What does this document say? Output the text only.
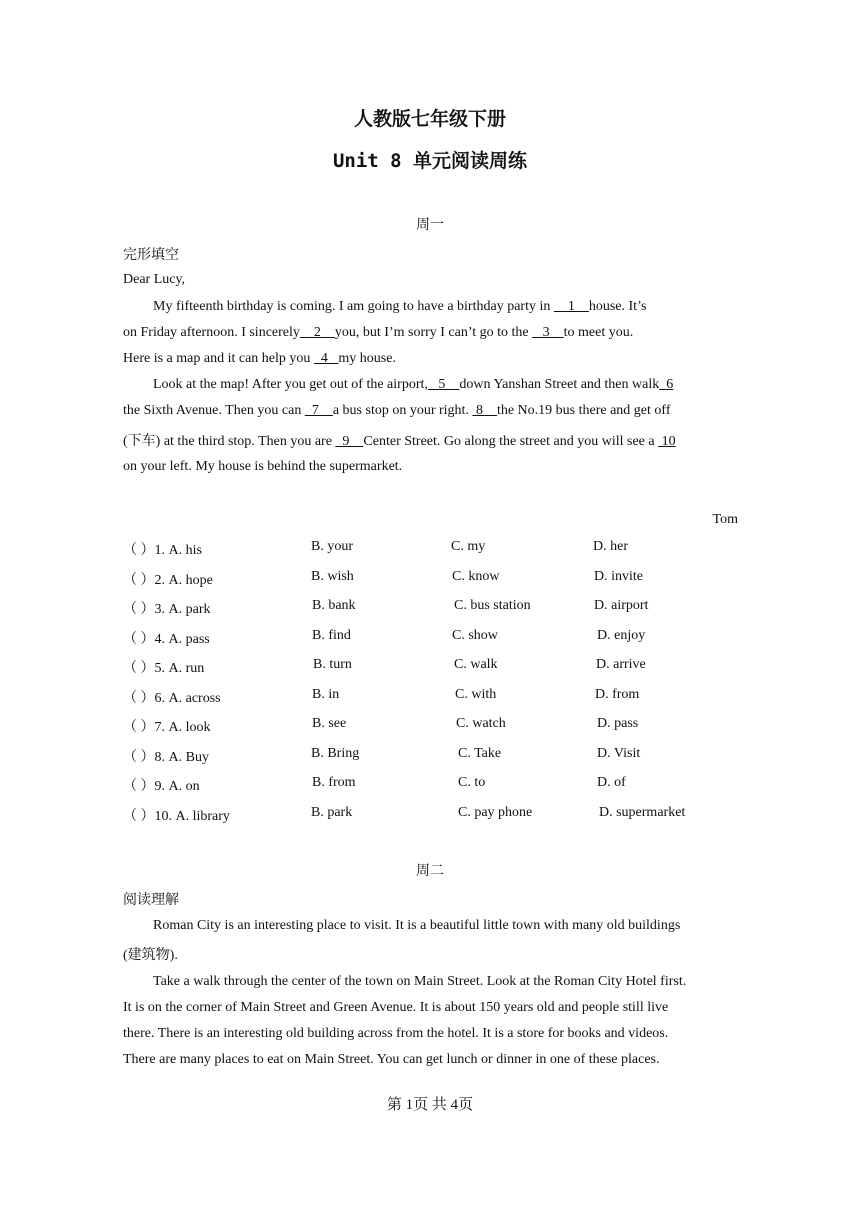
人教版七年级下册
Unit 8 单元阅读周练
周一
完形填空
Dear Lucy,
My fifteenth birthday is coming. I am going to have a birthday party in     1    house. It’s
on Friday afternoon. I sincerely    2    you, but I’m sorry I can’t go to the    3    to meet you.
Here is a map and it can help you   4   my house.
Look at the map! After you get out of the airport,   5    down Yanshan Street and then walk  6
the Sixth Avenue. Then you can   7    a bus stop on your right.  8    the No.19 bus there and get off
(下车) at the third stop. Then you are   9    Center Street. Go along the street and you will see a  10
on your left. My house is behind the supermarket.
Tom
（ ）1. A. his	B. your	C. my	D. her
（ ）2. A. hope	B. wish	C. know	D. invite
（ ）3. A. park	B. bank	C. bus station	D. airport
（ ）4. A. pass	B. find	C. show	D. enjoy
（ ）5. A. run	B. turn	C. walk	D. arrive
（ ）6. A. across	B. in	C. with	D. from
（ ）7. A. look	B. see	C. watch	D. pass
（ ）8. A. Buy	B. Bring	C. Take	D. Visit
（ ）9. A. on	B. from	C. to	D. of
（ ）10. A. library	B. park	C. pay phone	D. supermarket
周二
阅读理解
Roman City is an interesting place to visit. It is a beautiful little town with many old buildings
(建筑物).
Take a walk through the center of the town on Main Street. Look at the Roman City Hotel first.
It is on the corner of Main Street and Green Avenue. It is about 150 years old and people still live
there. There is an interesting old building across from the hotel. It is a store for books and videos.
There are many places to eat on Main Street. You can get lunch or dinner in one of these places.
第 1页 共 4页
